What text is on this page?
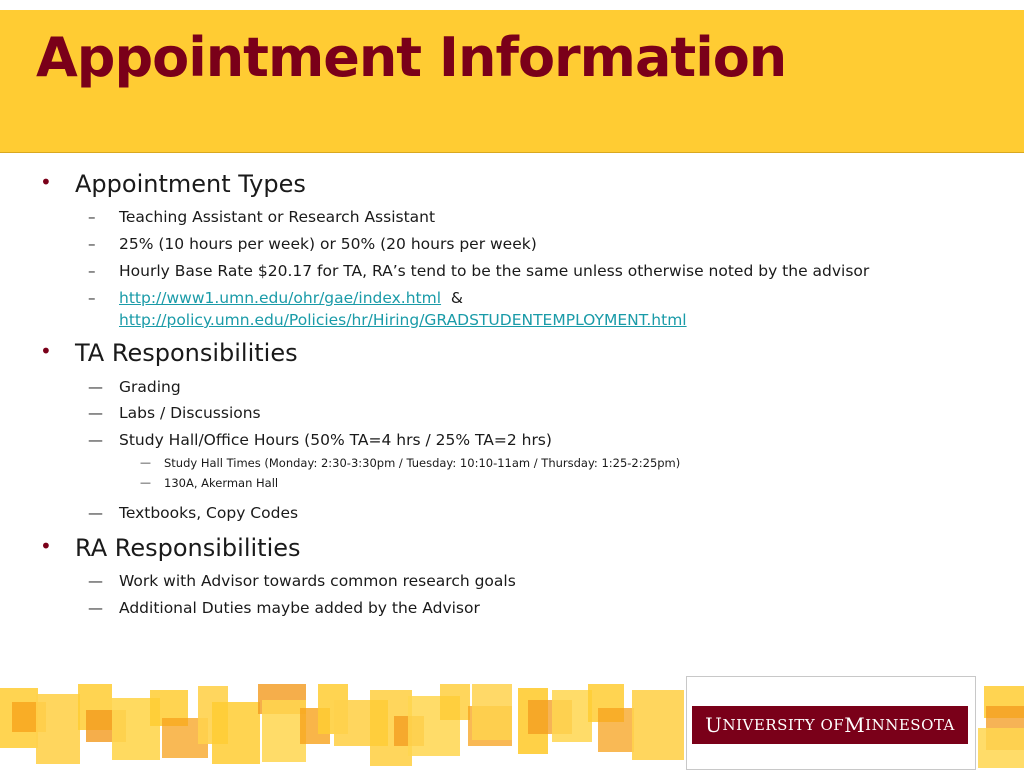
Appointment Information
• Appointment Types
– Teaching Assistant or Research Assistant
– 25% (10 hours per week) or 50% (20 hours per week)
– Hourly Base Rate $20.17 for TA, RA’s tend to be the same unless otherwise noted by the advisor
– http://www1.umn.edu/ohr/gae/index.html &
http://policy.umn.edu/Policies/hr/Hiring/GRADSTUDENTEMPLOYMENT.html
• TA Responsibilities
— Grading
— Labs / Discussions
— Study Hall/Office Hours (50% TA=4 hrs / 25% TA=2 hrs)
— Study Hall Times (Monday: 2:30-3:30pm / Tuesday: 10:10-11am / Thursday: 1:25-2:25pm)
— 130A, Akerman Hall
— Textbooks, Copy Codes
• RA Responsibilities
— Work with Advisor towards common research goals
— Additional Duties maybe added by the Advisor
U NIVERSITY OF M INNESOTA
